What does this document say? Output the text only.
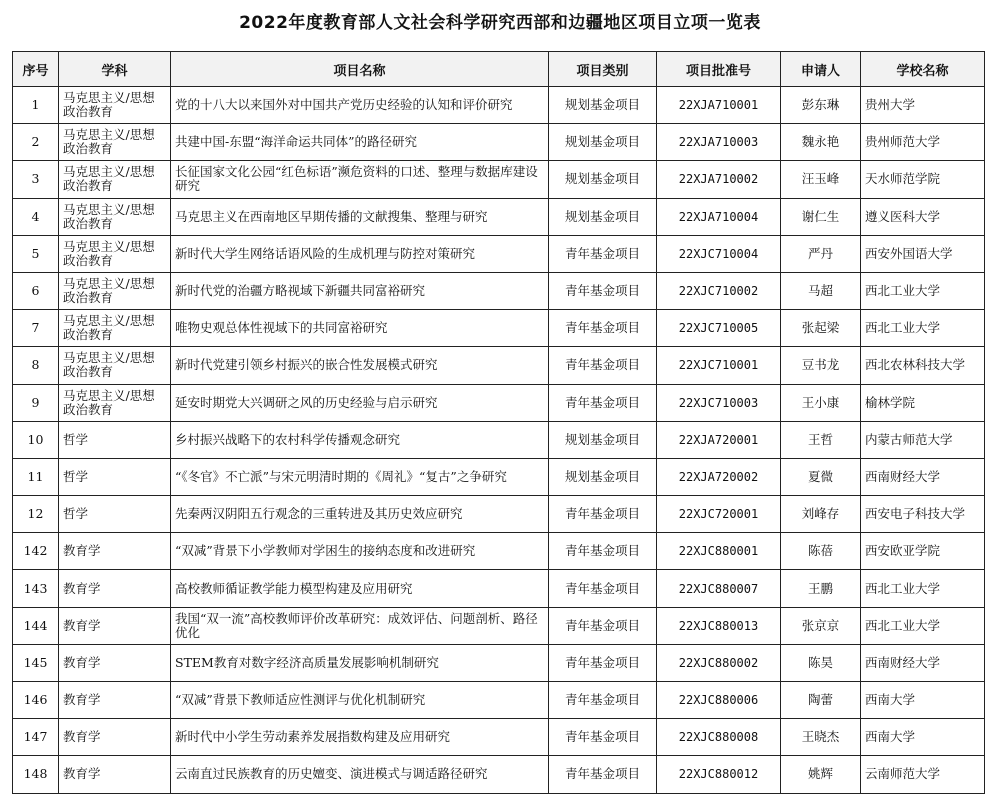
2022年度教育部人文社会科学研究西部和边疆地区项目立项一览表
序号	学科	项目名称	项目类别	项目批准号	申请人	学校名称
1	马克思主义/思想政治教育	党的十八大以来国外对中国共产党历史经验的认知和评价研究	规划基金项目	22XJA710001	彭东琳	贵州大学
2	马克思主义/思想政治教育	共建中国-东盟“海洋命运共同体”的路径研究	规划基金项目	22XJA710003	魏永艳	贵州师范大学
3	马克思主义/思想政治教育	长征国家文化公园“红色标语”濒危资料的口述、整理与数据库建设研究	规划基金项目	22XJA710002	汪玉峰	天水师范学院
4	马克思主义/思想政治教育	马克思主义在西南地区早期传播的文献搜集、整理与研究	规划基金项目	22XJA710004	谢仁生	遵义医科大学
5	马克思主义/思想政治教育	新时代大学生网络话语风险的生成机理与防控对策研究	青年基金项目	22XJC710004	严丹	西安外国语大学
6	马克思主义/思想政治教育	新时代党的治疆方略视域下新疆共同富裕研究	青年基金项目	22XJC710002	马超	西北工业大学
7	马克思主义/思想政治教育	唯物史观总体性视域下的共同富裕研究	青年基金项目	22XJC710005	张起梁	西北工业大学
8	马克思主义/思想政治教育	新时代党建引领乡村振兴的嵌合性发展模式研究	青年基金项目	22XJC710001	豆书龙	西北农林科技大学
9	马克思主义/思想政治教育	延安时期党大兴调研之风的历史经验与启示研究	青年基金项目	22XJC710003	王小康	榆林学院
10	哲学	乡村振兴战略下的农村科学传播观念研究	规划基金项目	22XJA720001	王哲	内蒙古师范大学
11	哲学	“《冬官》不亡派”与宋元明清时期的《周礼》“复古”之争研究	规划基金项目	22XJA720002	夏微	西南财经大学
12	哲学	先秦两汉阴阳五行观念的三重转进及其历史效应研究	青年基金项目	22XJC720001	刘峰存	西安电子科技大学
142	教育学	“双减”背景下小学教师对学困生的接纳态度和改进研究	青年基金项目	22XJC880001	陈蓓	西安欧亚学院
143	教育学	高校教师循证教学能力模型构建及应用研究	青年基金项目	22XJC880007	王鹏	西北工业大学
144	教育学	我国“双一流”高校教师评价改革研究：成效评估、问题剖析、路径优化	青年基金项目	22XJC880013	张京京	西北工业大学
145	教育学	STEM教育对数字经济高质量发展影响机制研究	青年基金项目	22XJC880002	陈昊	西南财经大学
146	教育学	“双减”背景下教师适应性测评与优化机制研究	青年基金项目	22XJC880006	陶蕾	西南大学
147	教育学	新时代中小学生劳动素养发展指数构建及应用研究	青年基金项目	22XJC880008	王晓杰	西南大学
148	教育学	云南直过民族教育的历史嬗变、演进模式与调适路径研究	青年基金项目	22XJC880012	姚辉	云南师范大学
